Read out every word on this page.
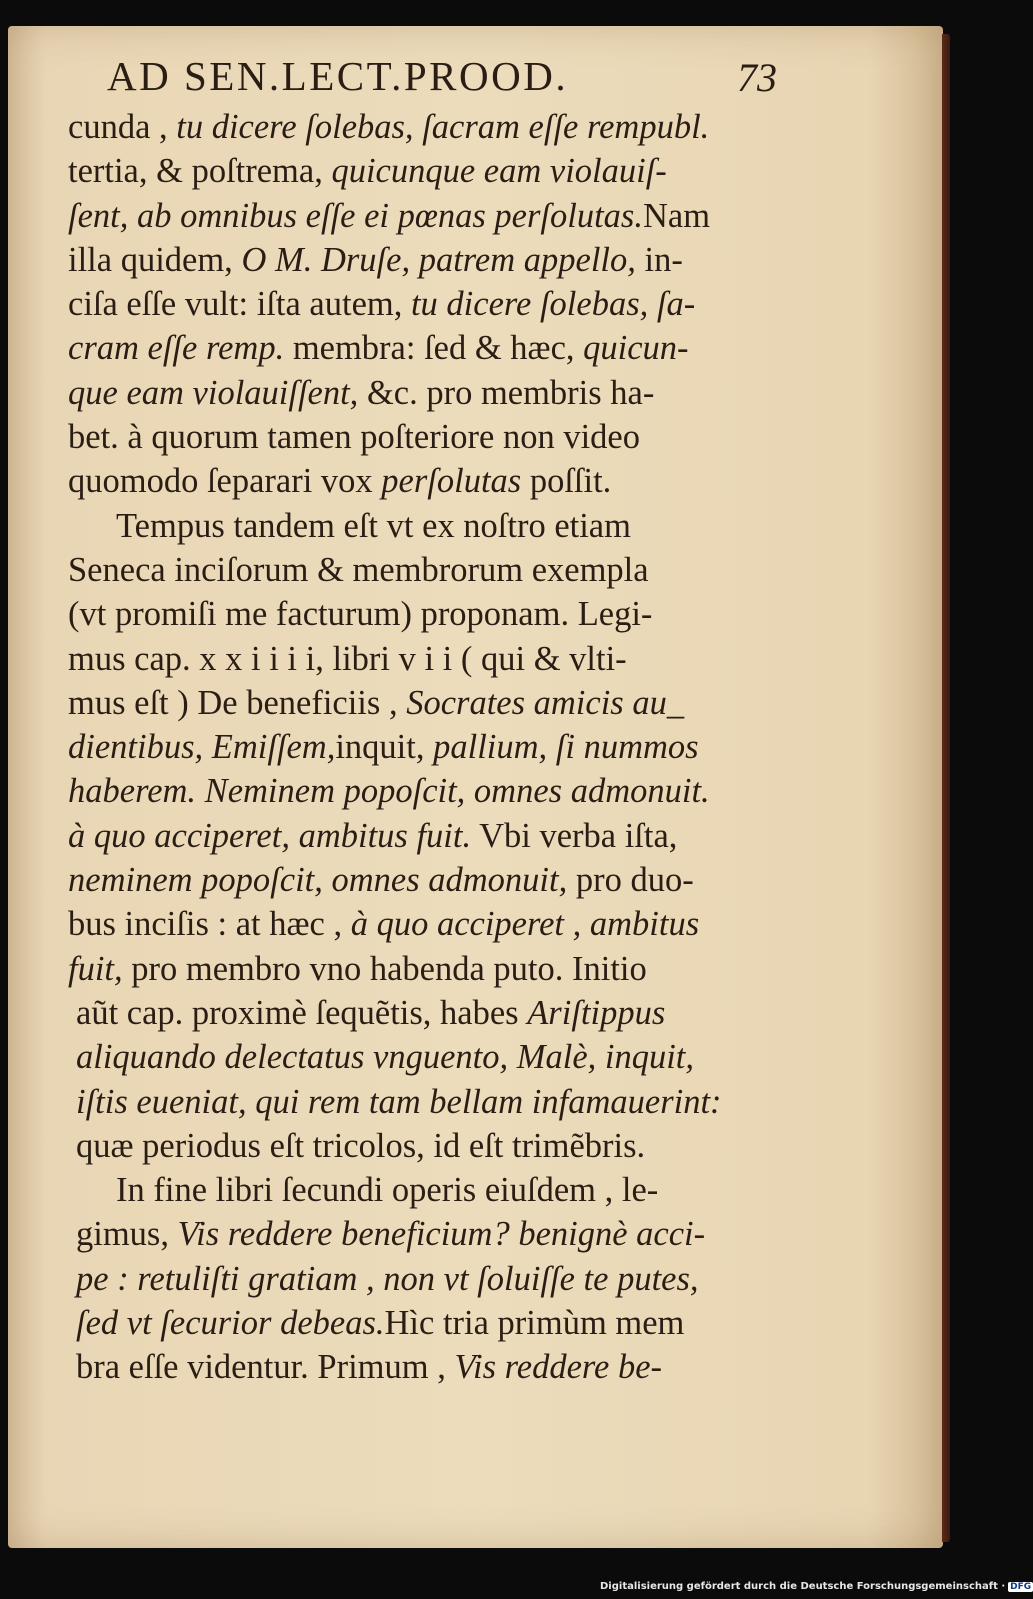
AD SEN.LECT.PROOD.	73
cunda , tu dicere ſolebas, ſacram eſſe rempubl.
tertia, & poſtrema, quicunque eam violauiſ-
ſent, ab omnibus eſſe ei pœnas perſolutas.Nam
illa quidem, O M. Druſe, patrem appello, in-
ciſa eſſe vult: iſta autem, tu dicere ſolebas, ſa-
cram eſſe remp. membra: ſed & hæc, quicun-
que eam violauiſſent, &c. pro membris ha-
bet. à quorum tamen poſteriore non video
quomodo ſeparari vox perſolutas poſſit.
Tempus tandem eſt vt ex noſtro etiam
Seneca inciſorum & membrorum exempla
(vt promiſi me facturum) proponam. Legi-
mus cap. x x i i i i, libri v i i ( qui & vlti-
mus eſt ) De beneficiis , Socrates amicis au_
dientibus, Emiſſem,inquit, pallium, ſi nummos
haberem. Neminem popoſcit, omnes admonuit.
à quo acciperet, ambitus fuit. Vbi verba iſta,
neminem popoſcit, omnes admonuit, pro duo-
bus inciſis : at hæc , à quo acciperet , ambitus
fuit, pro membro vno habenda puto. Initio
aũt cap. proximè ſequẽtis, habes Ariſtippus
aliquando delectatus vnguento, Malè, inquit,
iſtis eueniat, qui rem tam bellam infamauerint:
quæ periodus eſt tricolos, id eſt trimẽbris.
In fine libri ſecundi operis eiuſdem , le-
gimus, Vis reddere beneficium? benignè acci-
pe : retuliſti gratiam , non vt ſoluiſſe te putes,
ſed vt ſecurior debeas.Hìc tria primùm mem
bra eſſe videntur. Primum , Vis reddere be-
Digitalisierung gefördert durch die Deutsche Forschungsgemeinschaft · DFG
